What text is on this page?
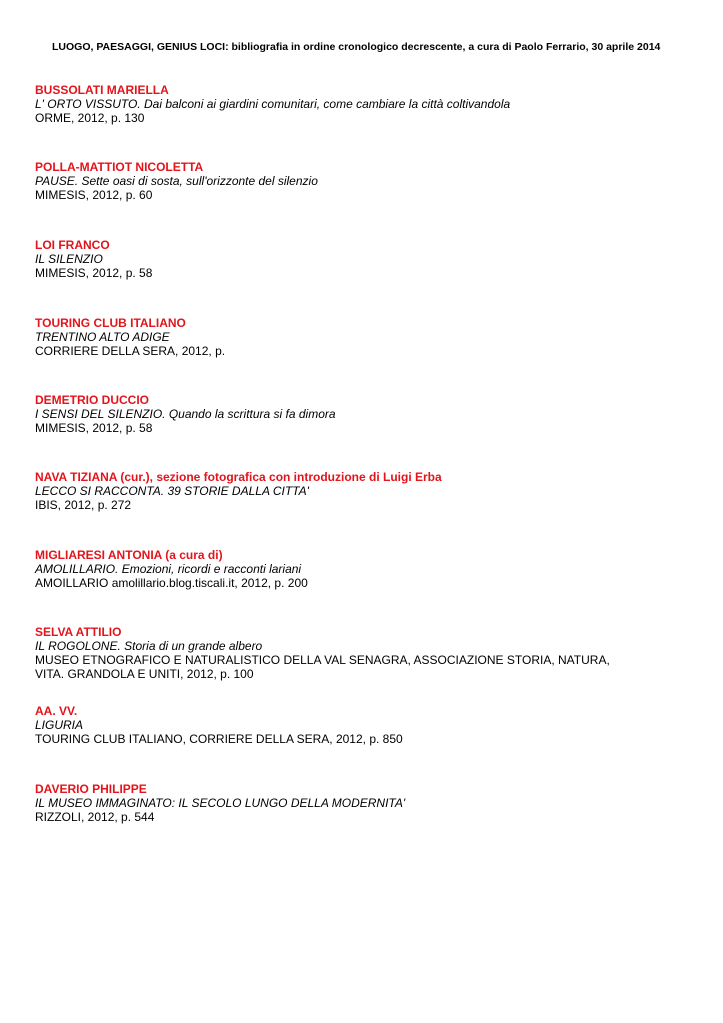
LUOGO, PAESAGGI, GENIUS LOCI: bibliografia in ordine cronologico decrescente, a cura di Paolo Ferrario, 30 aprile 2014
BUSSOLATI MARIELLA
L' ORTO VISSUTO. Dai balconi ai giardini comunitari, come cambiare la città coltivandola
ORME, 2012, p. 130
POLLA-MATTIOT NICOLETTA
PAUSE. Sette oasi di sosta, sull'orizzonte del silenzio
MIMESIS, 2012, p. 60
LOI FRANCO
IL SILENZIO
MIMESIS, 2012, p. 58
TOURING CLUB ITALIANO
TRENTINO ALTO ADIGE
CORRIERE DELLA SERA, 2012, p.
DEMETRIO DUCCIO
I SENSI DEL SILENZIO. Quando la scrittura si fa dimora
MIMESIS, 2012, p. 58
NAVA TIZIANA (cur.), sezione fotografica con introduzione di Luigi Erba
LECCO SI RACCONTA. 39 STORIE DALLA CITTA'
IBIS, 2012, p. 272
MIGLIARESI ANTONIA (a cura di)
AMOLILLARIO. Emozioni, ricordi e racconti lariani
AMOILLARIO amolillario.blog.tiscali.it, 2012, p. 200
SELVA ATTILIO
IL ROGOLONE. Storia di un grande albero
MUSEO ETNOGRAFICO E NATURALISTICO DELLA VAL SENAGRA, ASSOCIAZIONE STORIA, NATURA, VITA. GRANDOLA E UNITI, 2012, p. 100
AA. VV.
LIGURIA
TOURING CLUB ITALIANO, CORRIERE DELLA SERA, 2012, p. 850
DAVERIO PHILIPPE
IL MUSEO IMMAGINATO: IL SECOLO LUNGO DELLA MODERNITA'
RIZZOLI, 2012, p. 544
